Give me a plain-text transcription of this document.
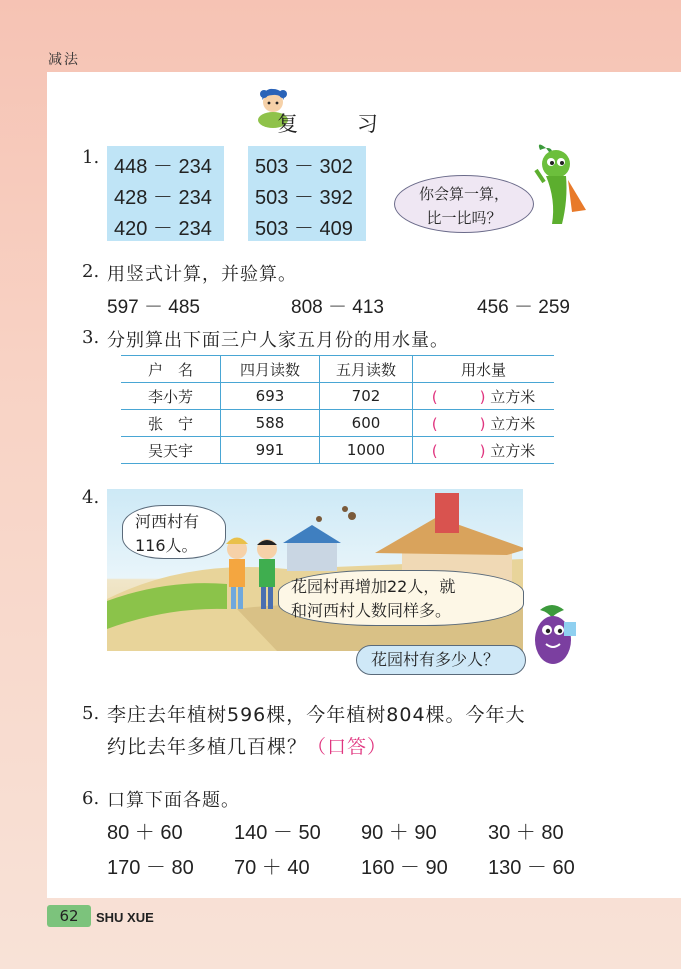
减法
复 习
1. 448 － 234
428 － 234
420 － 234
503 － 302
503 － 392
503 － 409
你会算一算，
比一比吗？
2. 用竖式计算，并验算。
597 － 485	808 － 413	456 － 259
3. 分别算出下面三户人家五月份的用水量。
户　名	四月读数	五月读数	用水量
李小芳	693	702	( ) 立方米
张　宁	588	600	( ) 立方米
吴天宇	991	1000	( ) 立方米
4.
河西村有
116人。
花园村再增加22人，就
和河西村人数同样多。
花园村有多少人？
5. 李庄去年植树596棵，今年植树804棵。今年大
约比去年多植几百棵？（口答）
6. 口算下面各题。
80 ＋ 60	140 － 50 90 ＋ 90	30 ＋ 80
170 － 80 70 ＋ 40	160 － 90 130 － 60
62	SHU XUE
